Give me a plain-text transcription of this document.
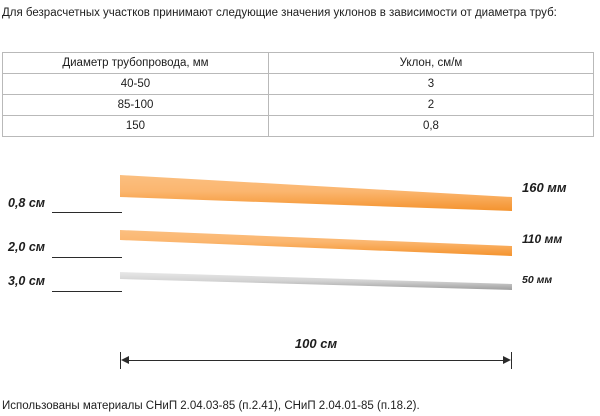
Для безрасчетных участков принимают следующие значения уклонов в зависимости от диаметра труб:
Диаметр трубопровода, мм	Уклон, см/м
40-50	3
85-100	2
150	0,8
0,8 см
2,0 см
3,0 см
160 мм
110 мм
50 мм
100 см
Использованы материалы СНиП 2.04.03-85 (п.2.41), СНиП 2.04.01-85 (п.18.2).
